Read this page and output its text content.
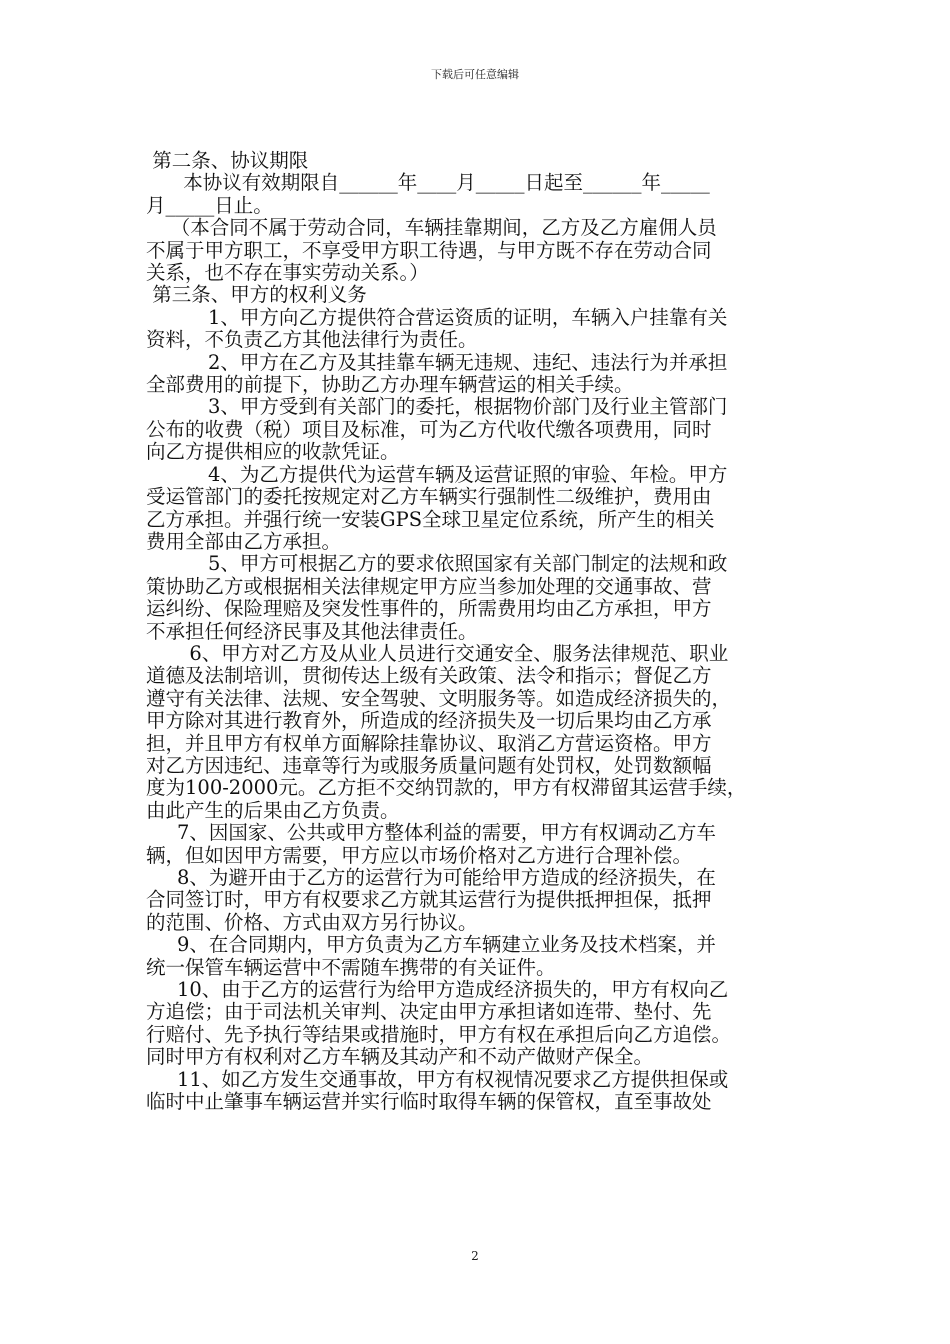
下载后可任意编辑
第二条、协议期限
本协议有效期限自______年____月_____日起至______年_____
月_____日止。
（本合同不属于劳动合同，车辆挂靠期间，乙方及乙方雇佣人员
不属于甲方职工，不享受甲方职工待遇，与甲方既不存在劳动合同
关系，也不存在事实劳动关系。）
第三条、甲方的权利义务
1、甲方向乙方提供符合营运资质的证明，车辆入户挂靠有关
资料，不负责乙方其他法律行为责任。
2、甲方在乙方及其挂靠车辆无违规、违纪、违法行为并承担
全部费用的前提下，协助乙方办理车辆营运的相关手续。
3、甲方受到有关部门的委托，根据物价部门及行业主管部门
公布的收费（税）项目及标准，可为乙方代收代缴各项费用，同时
向乙方提供相应的收款凭证。
4、为乙方提供代为运营车辆及运营证照的审验、年检。甲方
受运管部门的委托按规定对乙方车辆实行强制性二级维护，费用由
乙方承担。并强行统一安装GPS全球卫星定位系统，所产生的相关
费用全部由乙方承担。
5、甲方可根据乙方的要求依照国家有关部门制定的法规和政
策协助乙方或根据相关法律规定甲方应当参加处理的交通事故、营
运纠纷、保险理赔及突发性事件的，所需费用均由乙方承担，甲方
不承担任何经济民事及其他法律责任。
6、甲方对乙方及从业人员进行交通安全、服务法律规范、职业
道德及法制培训，贯彻传达上级有关政策、法令和指示；督促乙方
遵守有关法律、法规、安全驾驶、文明服务等。如造成经济损失的，
甲方除对其进行教育外，所造成的经济损失及一切后果均由乙方承
担，并且甲方有权单方面解除挂靠协议、取消乙方营运资格。甲方
对乙方因违纪、违章等行为或服务质量问题有处罚权，处罚数额幅
度为100-2000元。乙方拒不交纳罚款的，甲方有权滞留其运营手续，
由此产生的后果由乙方负责。
7、因国家、公共或甲方整体利益的需要，甲方有权调动乙方车
辆，但如因甲方需要，甲方应以市场价格对乙方进行合理补偿。
8、为避开由于乙方的运营行为可能给甲方造成的经济损失，在
合同签订时，甲方有权要求乙方就其运营行为提供抵押担保，抵押
的范围、价格、方式由双方另行协议。
9、在合同期内，甲方负责为乙方车辆建立业务及技术档案，并
统一保管车辆运营中不需随车携带的有关证件。
10、由于乙方的运营行为给甲方造成经济损失的，甲方有权向乙
方追偿；由于司法机关审判、决定由甲方承担诸如连带、垫付、先
行赔付、先予执行等结果或措施时，甲方有权在承担后向乙方追偿。
同时甲方有权利对乙方车辆及其动产和不动产做财产保全。
11、如乙方发生交通事故，甲方有权视情况要求乙方提供担保或
临时中止肇事车辆运营并实行临时取得车辆的保管权，直至事故处
2
